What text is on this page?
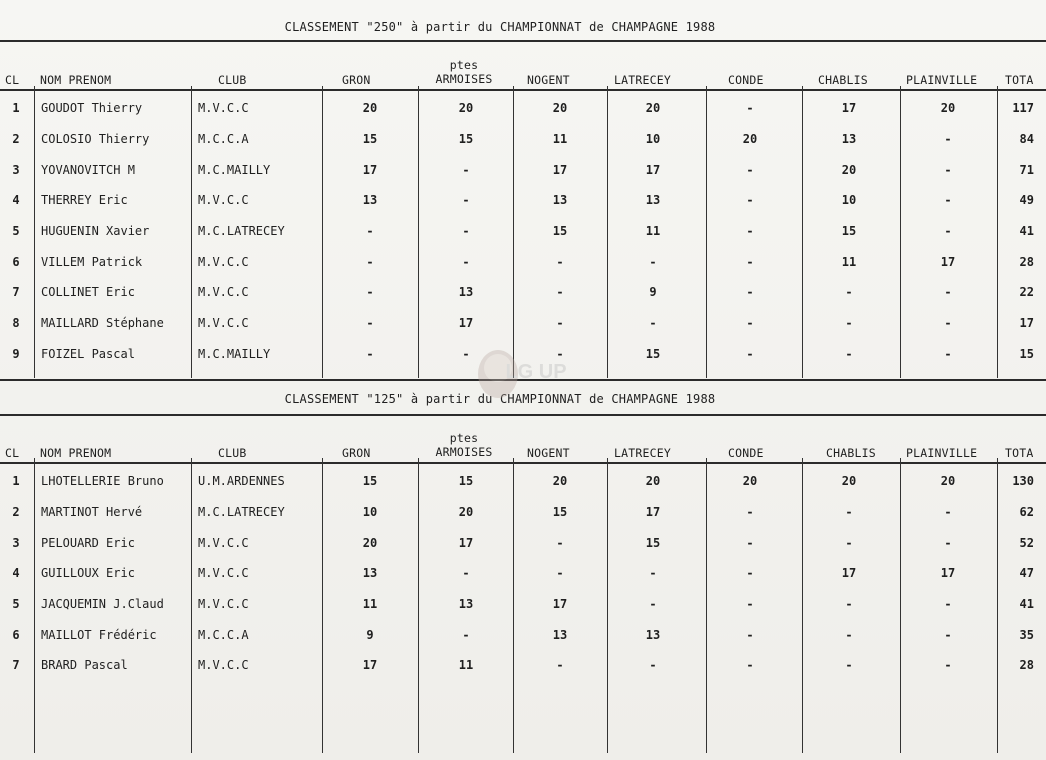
CLASSEMENT "250" à partir du CHAMPIONNAT de CHAMPAGNE 1988
CL NOM PRENOM	CLUB	GRON
ptes
ARMOISES	NOGENT	LATRECEY	CONDE	CHABLIS	PLAINVILLE TOTA
1	GOUDOT Thierry	M.V.C.C	20	20	20	20	-	17	20	117
2	COLOSIO Thierry	M.C.C.A	15	15	11	10	20	13	-	84
3	YOVANOVITCH M	M.C.MAILLY	17	-	17	17	-	20	-	71
4	THERREY Eric	M.V.C.C	13	-	13	13	-	10	-	49
5	HUGUENIN Xavier	M.C.LATRECEY	-	-	15	11	-	15	-	41
6	VILLEM Patrick	M.V.C.C	-	-	-	-	-	11	17	28
7	COLLINET Eric	M.V.C.C	-	13	-	9	-	-	-	22
8	MAILLARD Stéphane	M.V.C.C	-	17	-	-	-	-	-	17
9	FOIZEL Pascal	M.C.MAILLY	-	-	-	15	-	-	-	15
CLASSEMENT "125" à partir du CHAMPIONNAT de CHAMPAGNE 1988
CL NOM PRENOM	CLUB	GRON
ptes
ARMOISES	NOGENT	LATRECEY	CONDE	CHABLIS	PLAINVILLE TOTA
1	LHOTELLERIE Bruno	U.M.ARDENNES	15	15	20	20	20	20	20	130
2	MARTINOT Hervé	M.C.LATRECEY	10	20	15	17	-	-	-	62
3	PELOUARD Eric	M.V.C.C	20	17	-	15	-	-	-	52
4	GUILLOUX Eric	M.V.C.C	13	-	-	-	-	17	17	47
5	JACQUEMIN J.Claud	M.V.C.C	11	13	17	-	-	-	-	41
6	MAILLOT Frédéric	M.C.C.A	9	-	13	13	-	-	-	35
7	BRARD Pascal	M.V.C.C	17	11	-	-	-	-	-	28
LG UP
